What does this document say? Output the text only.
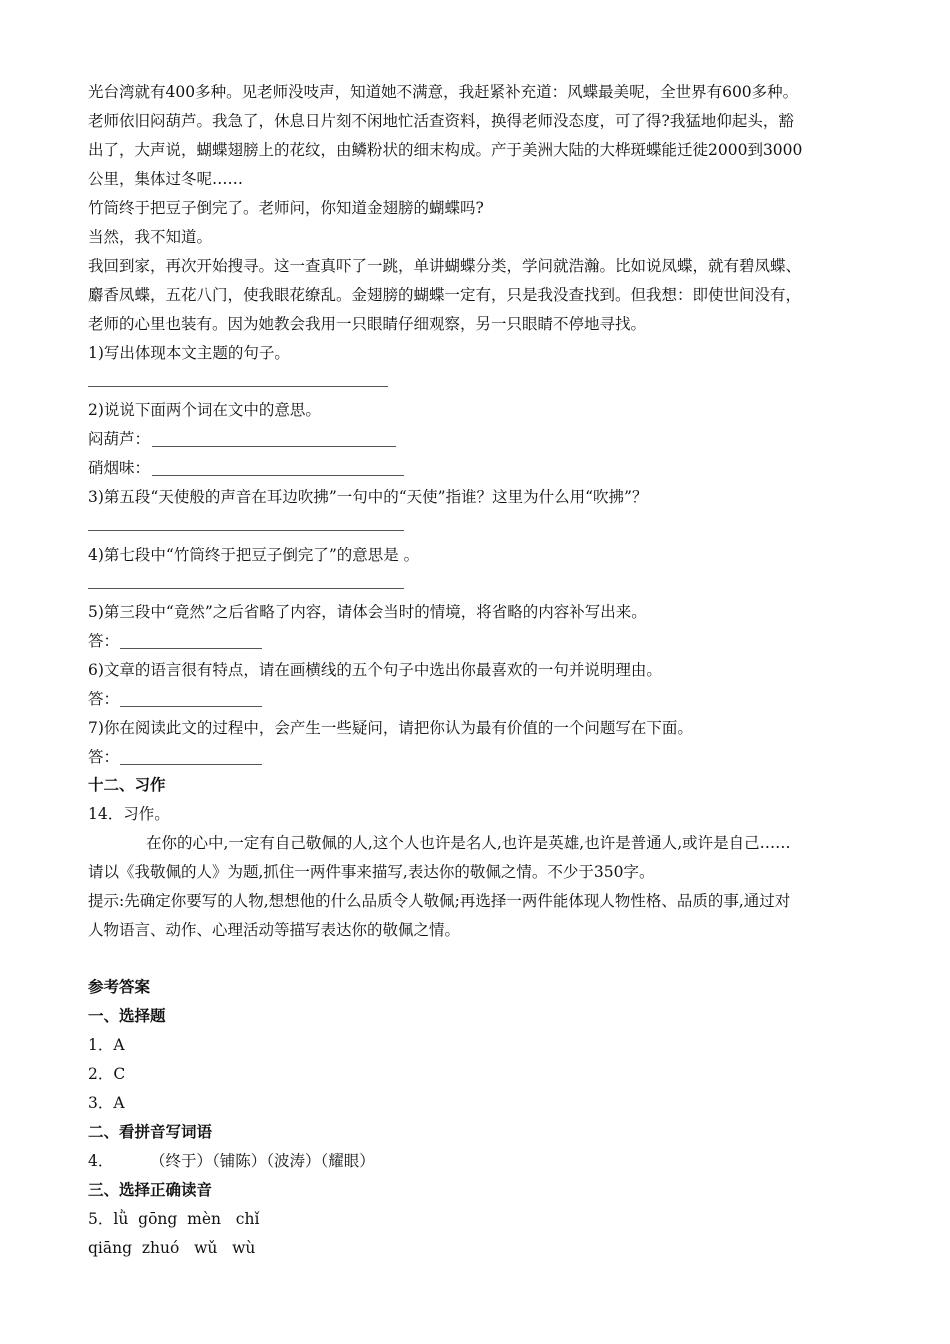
光台湾就有400多种。见老师没吱声，知道她不满意，我赶紧补充道：风蝶最美呢，全世界有600多种。
老师依旧闷葫芦。我急了，休息日片刻不闲地忙活查资料，换得老师没态度，可了得?我猛地仰起头，豁
出了，大声说，蝴蝶翅膀上的花纹，由鳞粉状的细末构成。产于美洲大陆的大桦斑蝶能迁徙2000到3000
公里，集体过冬呢……
竹筒终于把豆子倒完了。老师问，你知道金翅膀的蝴蝶吗?
当然，我不知道。
我回到家，再次开始搜寻。这一查真吓了一跳，单讲蝴蝶分类，学问就浩瀚。比如说凤蝶，就有碧凤蝶、
麝香凤蝶，五花八门，使我眼花缭乱。金翅膀的蝴蝶一定有，只是我没查找到。但我想：即使世间没有，
老师的心里也装有。因为她教会我用一只眼睛仔细观察，另一只眼睛不停地寻找。
1)写出体现本文主题的句子。
2)说说下面两个词在文中的意思。
闷葫芦：
硝烟味：
3)第五段“天使般的声音在耳边吹拂”一句中的“天使”指谁？这里为什么用“吹拂”？
4)第七段中“竹筒终于把豆子倒完了”的意思是 。
5)第三段中“竟然”之后省略了内容，请体会当时的情境，将省略的内容补写出来。
答：
6)文章的语言很有特点，请在画横线的五个句子中选出你最喜欢的一句并说明理由。
答：
7)你在阅读此文的过程中，会产生一些疑问，请把你认为最有价值的一个问题写在下面。
答：
十二、习作
14．习作。
在你的心中,一定有自己敬佩的人,这个人也许是名人,也许是英雄,也许是普通人,或许是自己……
请以《我敬佩的人》为题,抓住一两件事来描写,表达你的敬佩之情。不少于350字。
提示:先确定你要写的人物,想想他的什么品质令人敬佩;再选择一两件能体现人物性格、品质的事,通过对
人物语言、动作、心理活动等描写表达你的敬佩之情。
参考答案
一、选择题
1．A
2．C
3．A
二、看拼音写词语
4． （终于）（铺陈）（波涛）（耀眼）
三、选择正确读音
5．lǜ  gōng  mèn   chǐ
qiāng  zhuó   wǔ   wù
